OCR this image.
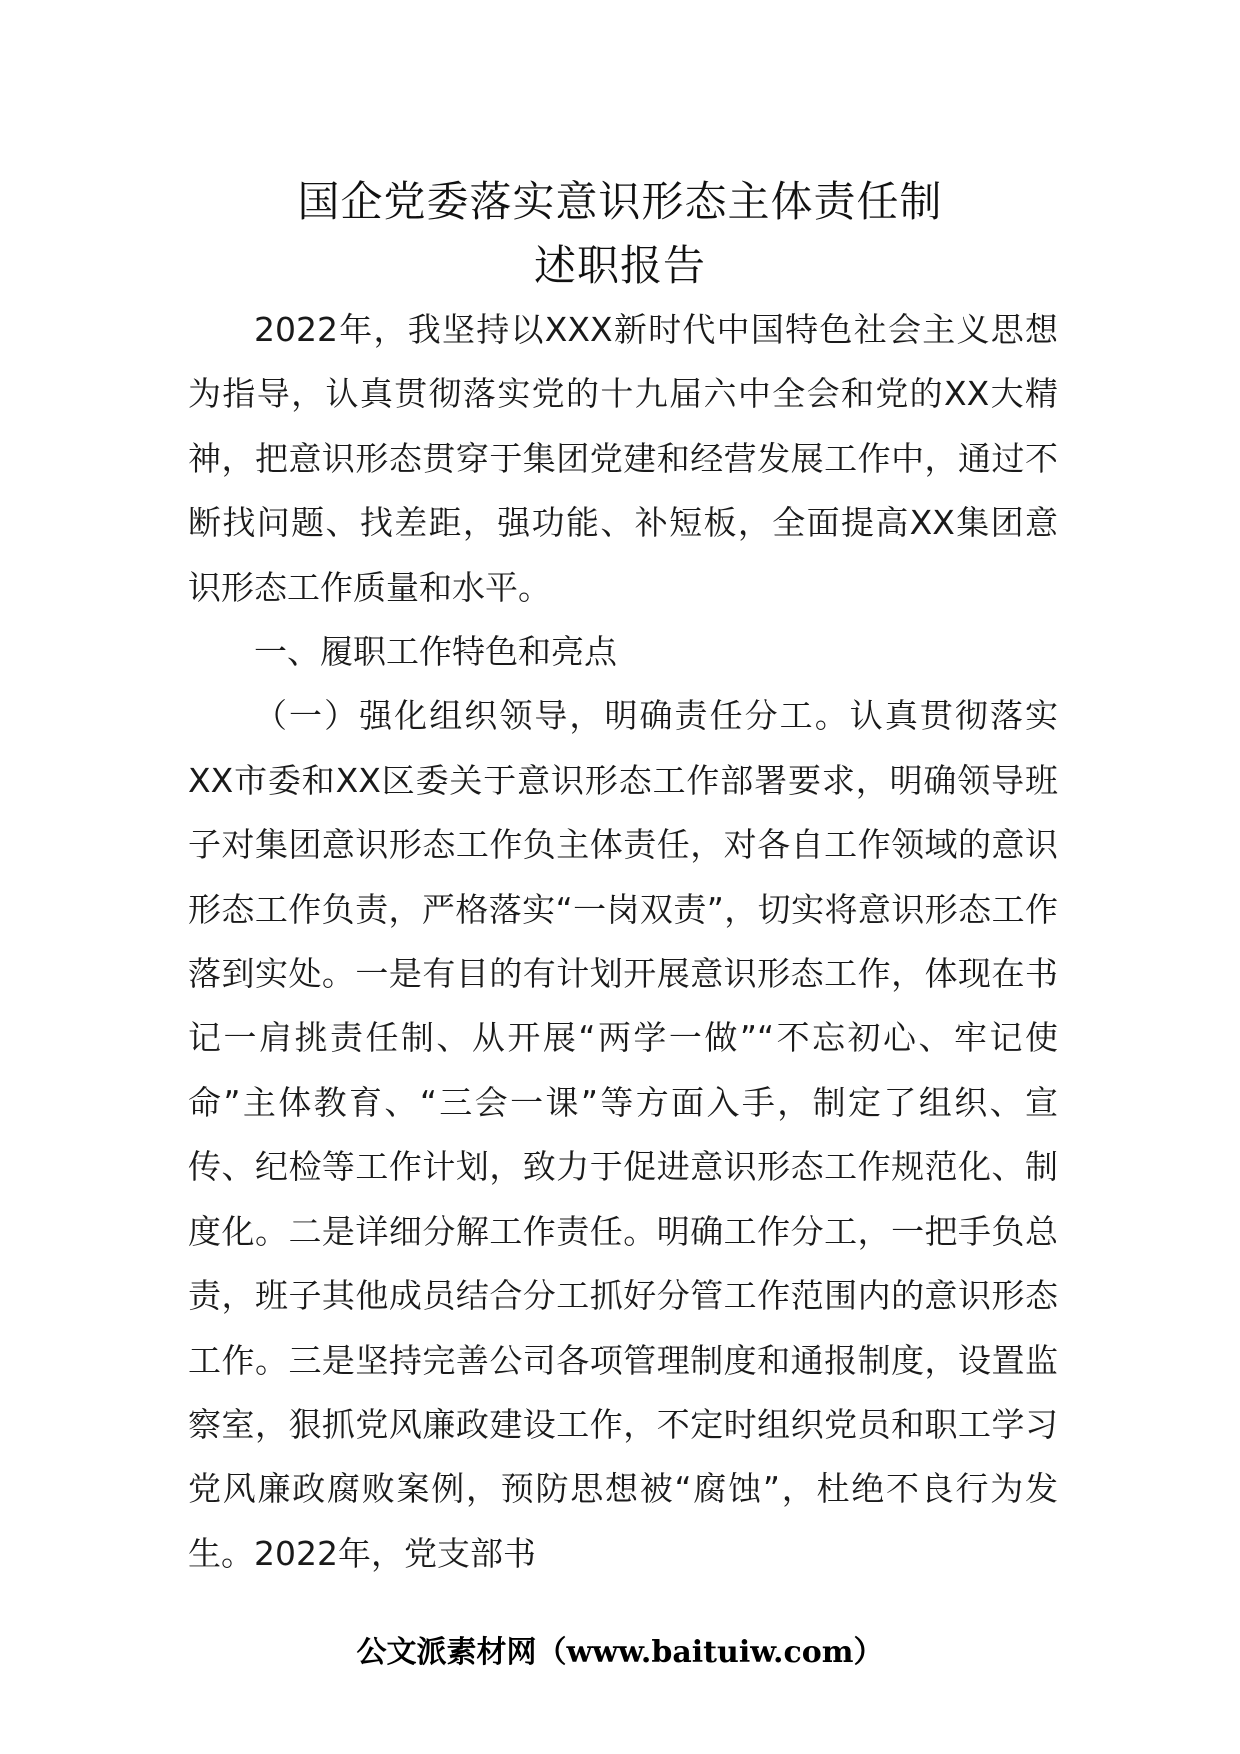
国企党委落实意识形态主体责任制
述职报告

2022年，我坚持以XXX新时代中国特色社会主义思想为指导，认真贯彻落实党的十九届六中全会和党的XX大精神，把意识形态贯穿于集团党建和经营发展工作中，通过不断找问题、找差距，强功能、补短板，全面提高XX集团意识形态工作质量和水平。

一、履职工作特色和亮点

（一）强化组织领导，明确责任分工。认真贯彻落实XX市委和XX区委关于意识形态工作部署要求，明确领导班子对集团意识形态工作负主体责任，对各自工作领域的意识形态工作负责，严格落实“一岗双责”，切实将意识形态工作落到实处。一是有目的有计划开展意识形态工作，体现在书记一肩挑责任制、从开展“两学一做”“不忘初心、牢记使命”主体教育、“三会一课”等方面入手，制定了组织、宣传、纪检等工作计划，致力于促进意识形态工作规范化、制度化。二是详细分解工作责任。明确工作分工，一把手负总责，班子其他成员结合分工抓好分管工作范围内的意识形态工作。三是坚持完善公司各项管理制度和通报制度，设置监察室，狠抓党风廉政建设工作，不定时组织党员和职工学习党风廉政腐败案例，预防思想被“腐蚀”，杜绝不良行为发生。2022年，党支部书

公文派素材网（www.baituiw.com）
